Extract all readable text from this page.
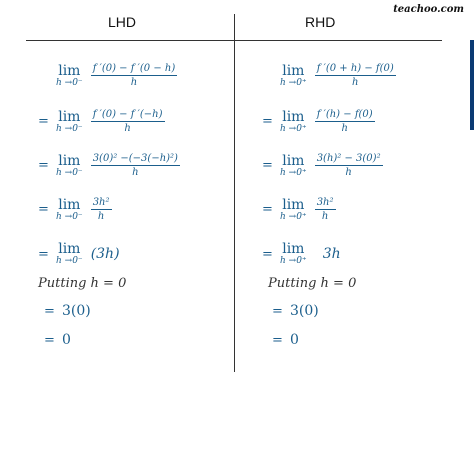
teachoo.com
LHD	RHD
lim
$h \to 0^- \frac{f '(0) - f '(0 - h)}{h}$
= lim
$h \to 0^- \frac{f '(0) - f '(-h)}{h}$
= lim
$h \to 0^- \frac{\text{3(0)² −(−3(−h)²)}}{h}$
= lim
$h \to 0^- \frac{\text{3h²}}{h}$
= lim
h →0⁻ (3h)
Putting h = 0
= 3(0)
= 0
lim
$h \to 0^+ \frac{f '(0 + h) - f(0)}{h}$
= lim
$h \to 0^+ \frac{f '(h) - f(0)}{h}$
= lim
$h \to 0^+ \frac{\text{3(h)² − 3(0)²}}{h}$
= lim
$h \to 0^+ \frac{\text{3h²}}{h}$
= lim
h →0⁺ 3h
Putting h = 0
= 3(0)
= 0
